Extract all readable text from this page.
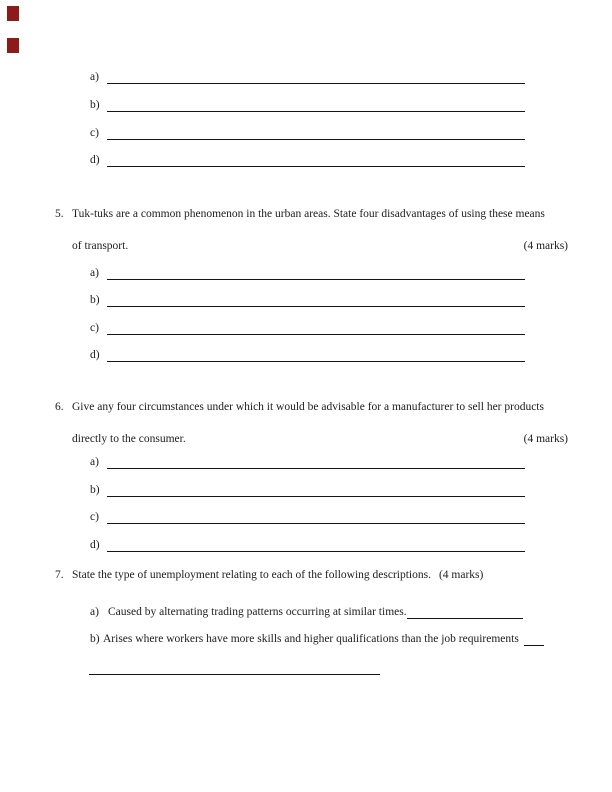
a)
b)
c)
d)
5. Tuk-tuks are a common phenomenon in the urban areas. State four disadvantages of using these means
of transport.	(4 marks)
a)
b)
c)
d)
6. Give any four circumstances under which it would be advisable for a manufacturer to sell her products
directly to the consumer.	(4 marks)
a)
b)
c)
d)
7. State the type of unemployment relating to each of the following descriptions. (4 marks)
a) Caused by alternating trading patterns occurring at similar times.
b) Arises where workers have more skills and higher qualifications than the job requirements
